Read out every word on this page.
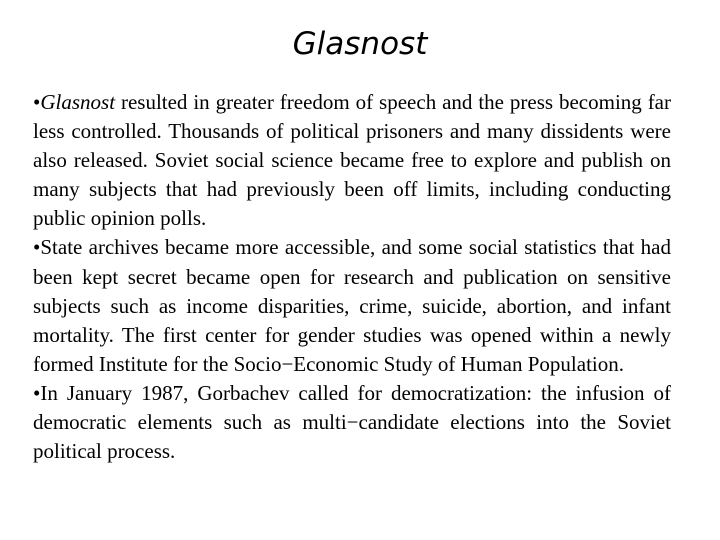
Glasnost

•Glasnost resulted in greater freedom of speech and the press becoming far less controlled. Thousands of political prisoners and many dissidents were also released. Soviet social science became free to explore and publish on many subjects that had previously been off limits, including conducting public opinion polls.

•State archives became more accessible, and some social statistics that had been kept secret became open for research and publication on sensitive subjects such as income disparities, crime, suicide, abortion, and infant mortality. The first center for gender studies was opened within a newly formed Institute for the Socio−Economic Study of Human Population.

•In January 1987, Gorbachev called for democratization: the infusion of democratic elements such as multi−candidate elections into the Soviet political process.
